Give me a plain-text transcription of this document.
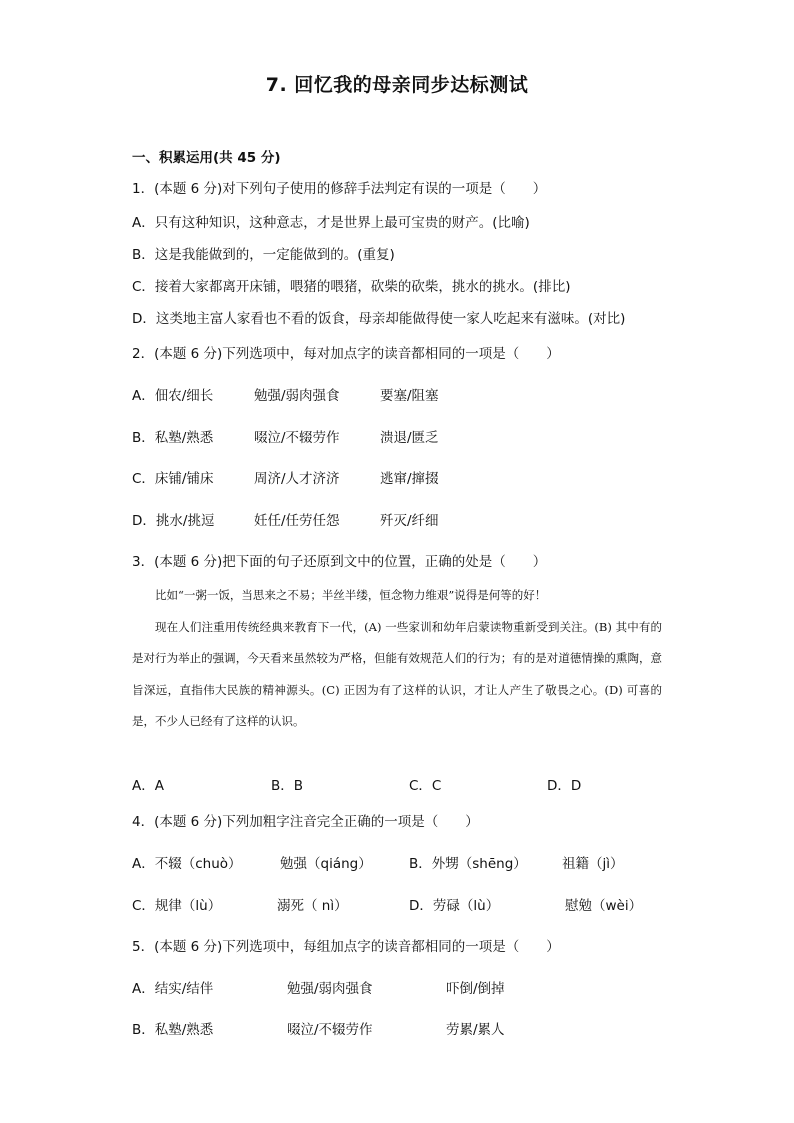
7. 回忆我的母亲同步达标测试
一、积累运用(共 45 分)
1．(本题 6 分)对下列句子使用的修辞手法判定有误的一项是（　　）
A．只有这种知识，这种意志，才是世界上最可宝贵的财产。(比喻)
B．这是我能做到的，一定能做到的。(重复)
C．接着大家都离开床铺，喂猪的喂猪，砍柴的砍柴，挑水的挑水。(排比)
D．这类地主富人家看也不看的饭食，母亲却能做得使一家人吃起来有滋味。(对比)
2．(本题 6 分)下列选项中，每对加点字的读音都相同的一项是（　　）
A．佃农/细长	勉强/弱肉强食	要塞/阻塞
B．私塾/熟悉	啜泣/不辍劳作	溃退/匮乏
C．床铺/铺床	周济/人才济济	逃窜/撺掇
D．挑水/挑逗	妊任/任劳任怨	歼灭/纤细
3．(本题 6 分)把下面的句子还原到文中的位置，正确的处是（　　）

比如“一粥一饭，当思来之不易；半丝半缕，恒念物力维艰”说得是何等的好！

现在人们注重用传统经典来教育下一代，(A) 一些家训和幼年启蒙读物重新受到关注。(B) 其中有的是对行为举止的强调，今天看来虽然较为严格，但能有效规范人们的行为；有的是对道德情操的熏陶，意旨深远，直指伟大民族的精神源头。(C) 正因为有了这样的认识，才让人产生了敬畏之心。(D) 可喜的是，不少人已经有了这样的认识。

A．A	B．B	C．C	D．D
4．(本题 6 分)下列加粗字注音完全正确的一项是（　　）
A．不辍（chuò）	勉强（qiáng）	B．外甥（shēng）	祖籍（jì）
C．规律（lù）	溺死（ nì）	D．劳碌（lù）	慰勉（wèi）
5．(本题 6 分)下列选项中，每组加点字的读音都相同的一项是（　　）
A．结实/结伴	勉强/弱肉强食	吓倒/倒掉
B．私塾/熟悉	啜泣/不辍劳作	劳累/累人
